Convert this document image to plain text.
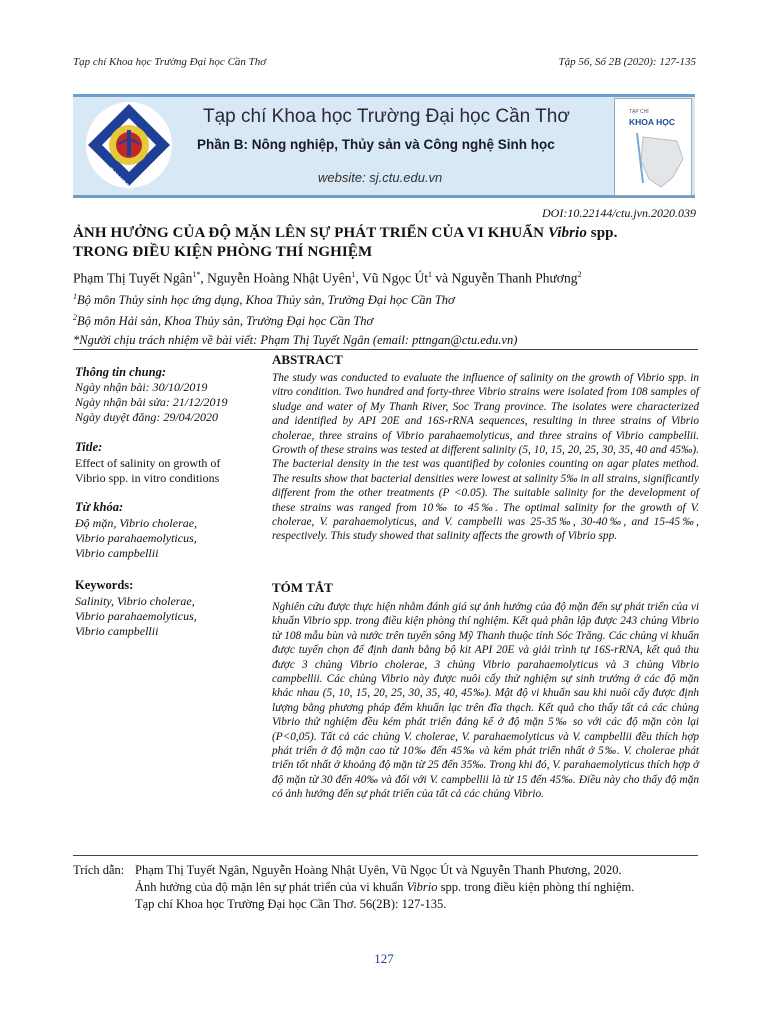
Tạp chí Khoa học Trường Đại học Cần Thơ	Tập 56, Số 2B (2020): 127-135
Tạp chí Khoa học Trường Đại học Cần Thơ
Phần B: Nông nghiệp, Thủy sản và Công nghệ Sinh học
website: sj.ctu.edu.vn
TẠP CHÍ
KHOA HỌC
DOI:10.22144/ctu.jvn.2020.039
ẢNH HƯỞNG CỦA ĐỘ MẶN LÊN SỰ PHÁT TRIỂN CỦA VI KHUẨN Vibrio spp.
TRONG ĐIỀU KIỆN PHÒNG THÍ NGHIỆM
Phạm Thị Tuyết Ngân$^{1*}$, Nguyễn Hoàng Nhật Uyên$^1$, Vũ Ngọc $Út^1$ và Nguyễn Thanh Phương$^2$
$^1$Bộ môn Thủy sinh học ứng dụng, Khoa Thủy sản, Trường Đại học Cần Thơ
$^2$Bộ môn Hải sản, Khoa Thủy sản, Trường Đại học Cần Thơ
*Người chịu trách nhiệm về bài viết: Phạm Thị Tuyết Ngân (email: pttngan@ctu.edu.vn)
Thông tin chung:
Ngày nhận bài: 30/10/2019
Ngày nhận bài sửa: 21/12/2019
Ngày duyệt đăng: 29/04/2020
Title:
Effect of salinity on growth of
Vibrio spp. in vitro conditions
Từ khóa:
Độ mặn, Vibrio cholerae,
Vibrio parahaemolyticus,
Vibrio campbellii
Keywords:
Salinity, Vibrio cholerae,
Vibrio parahaemolyticus,
Vibrio campbellii
ABSTRACT
The study was conducted to evaluate the influence of salinity on the growth of Vibrio spp. in vitro condition. Two hundred and forty-three Vibrio strains were isolated from 108 samples of sludge and water of My Thanh River, Soc Trang province. The isolates were characterized and identified by API 20E and 16S-rRNA sequences, resulting in three strains of Vibrio cholerae, three strains of Vibrio parahaemolyticus, and three strains of Vibrio campbellii. Growth of these strains was tested at different salinity (5, 10, 15, 20, 25, 30, 35, 40 and 45‰). The bacterial density in the test was quantified by colonies counting on agar plates method. The results show that bacterial densities were lowest at salinity 5‰ in all strains, significantly different from the other treatments (P <0.05). The suitable salinity for the development of these strains was ranged from 10‰ to 45‰. The optimal salinity for the growth of V. cholerae, V. parahaemolyticus, and V. campbelli was 25-35‰, 30-40‰, and 15-45‰, respectively. This study showed that salinity affects the growth of Vibrio spp.
TÓM TẮT
Nghiên cứu được thực hiện nhằm đánh giá sự ảnh hưởng của độ mặn đến sự phát triển của vi khuẩn Vibrio spp. trong điều kiện phòng thí nghiệm. Kết quả phân lập được 243 chủng Vibrio từ 108 mẫu bùn và nước trên tuyến sông Mỹ Thanh thuộc tỉnh Sóc Trăng. Các chủng vi khuẩn được tuyển chọn để định danh bằng bộ kit API 20E và giải trình tự 16S-rRNA, kết quả thu được 3 chủng Vibrio cholerae, 3 chủng Vibrio parahaemolyticus và 3 chủng Vibrio campbellii. Các chủng Vibrio này được nuôi cấy thử nghiệm sự sinh trưởng ở các độ mặn khác nhau (5, 10, 15, 20, 25, 30, 35, 40, 45‰). Mật độ vi khuẩn sau khi nuôi cấy được định lượng bằng phương pháp đếm khuẩn lạc trên đĩa thạch. Kết quả cho thấy tất cả các chủng Vibrio thử nghiệm đều kém phát triển đáng kể ở độ mặn 5‰ so với các độ mặn còn lại (P<0,05). Tất cả các chủng V. cholerae, V. parahaemolyticus và V. campbellii đều thích hợp phát triển ở độ mặn cao từ 10‰ đến 45‰ và kém phát triển nhất ở 5‰. V. cholerae phát triển tốt nhất ở khoảng độ mặn từ 25 đến 35‰. Trong khi đó, V. parahaemolyticus thích hợp ở độ mặn từ 30 đến 40‰ và đối với V. campbellii là từ 15 đến 45‰. Điều này cho thấy độ mặn có ảnh hưởng đến sự phát triển của tất cả các chủng Vibrio.
Trích dẫn: Phạm Thị Tuyết Ngân, Nguyễn Hoàng Nhật Uyên, Vũ Ngọc Út và Nguyễn Thanh Phương, 2020.
Ảnh hưởng của độ mặn lên sự phát triển của vi khuẩn Vibrio spp. trong điều kiện phòng thí nghiệm.
Tạp chí Khoa học Trường Đại học Cần Thơ. 56(2B): 127-135.
127
